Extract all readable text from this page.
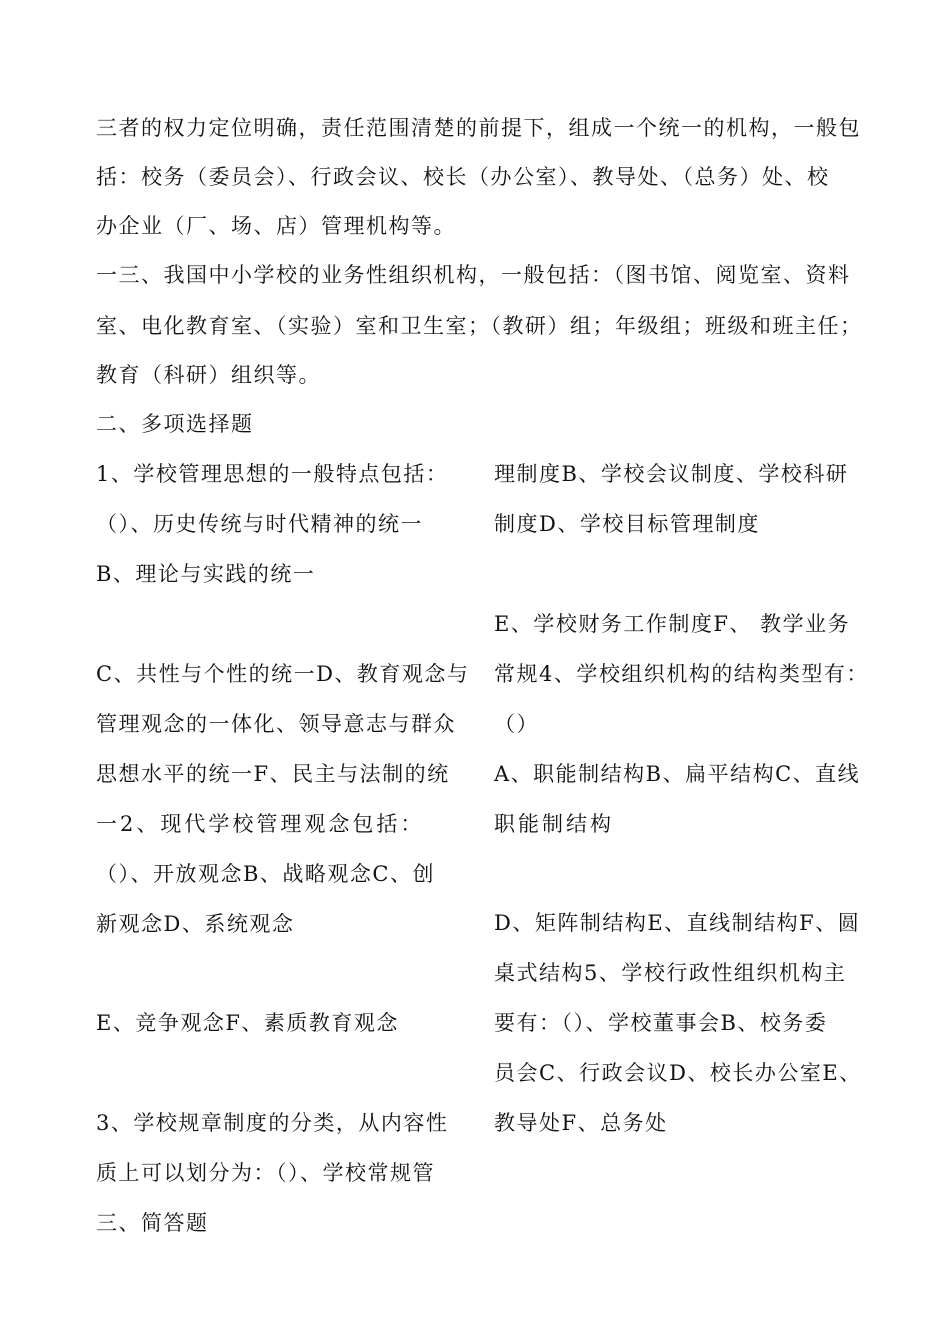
三者的权力定位明确，责任范围清楚的前提下，组成一个统一的机构，一般包
括：校务（委员会）、行政会议、校长（办公室）、教导处、（总务）处、校
办企业（厂、场、店）管理机构等。
一三、我国中小学校的业务性组织机构，一般包括：（图书馆、阅览室、资料
室、电化教育室、（实验）室和卫生室；（教研）组；年级组；班级和班主任；
教育（科研）组织等。
二、多项选择题
1、学校管理思想的一般特点包括：
（）、历史传统与时代精神的统一
B、理论与实践的统一
C、共性与个性的统一D、教育观念与
管理观念的一体化、领导意志与群众
思想水平的统一F、民主与法制的统
一2、现代学校管理观念包括：
（）、开放观念B、战略观念C、创
新观念D、系统观念
E、竞争观念F、素质教育观念
3、学校规章制度的分类，从内容性
质上可以划分为：（）、学校常规管
理制度B、学校会议制度、学校科研
制度D、学校目标管理制度
E、学校财务工作制度F、 教学业务
常规4、学校组织机构的结构类型有：
（）
A、职能制结构B、扁平结构C、直线
职能制结构
D、矩阵制结构E、直线制结构F、圆
桌式结构5、学校行政性组织机构主
要有：（）、学校董事会B、校务委
员会C、行政会议D、校长办公室E、
教导处F、总务处
三、简答题
